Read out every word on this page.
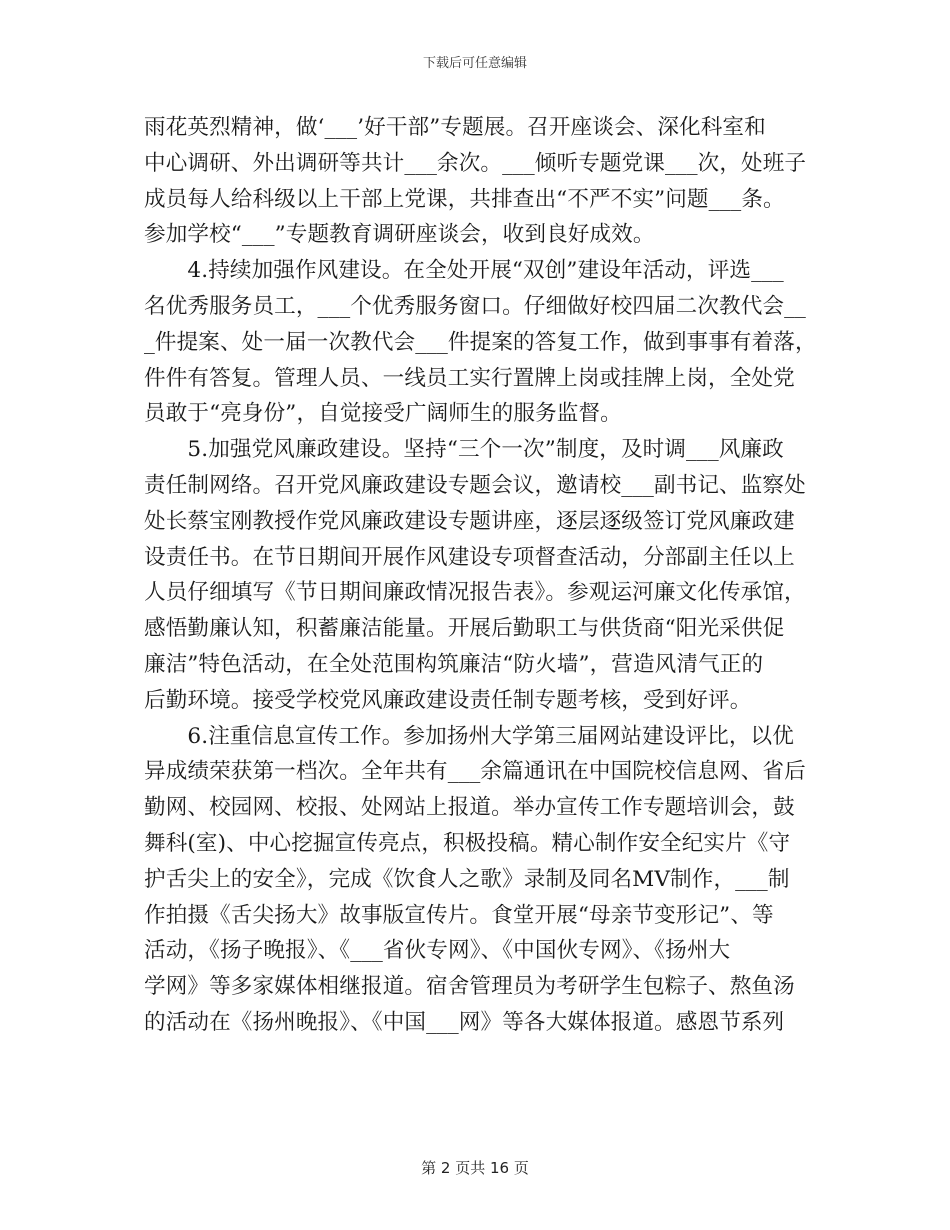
下载后可任意编辑
雨花英烈精神，做‘___’好干部”专题展。召开座谈会、深化科室和
中心调研、外出调研等共计___余次。___倾听专题党课___次，处班子
成员每人给科级以上干部上党课，共排查出“不严不实”问题___条。
参加学校“___”专题教育调研座谈会，收到良好成效。
　　4.持续加强作风建设。在全处开展“双创”建设年活动，评选___
名优秀服务员工，___个优秀服务窗口。仔细做好校四届二次教代会__
_件提案、处一届一次教代会___件提案的答复工作，做到事事有着落，
件件有答复。管理人员、一线员工实行置牌上岗或挂牌上岗，全处党
员敢于“亮身份”，自觉接受广阔师生的服务监督。
　　5.加强党风廉政建设。坚持“三个一次”制度，及时调___风廉政
责任制网络。召开党风廉政建设专题会议，邀请校___副书记、监察处
处长蔡宝刚教授作党风廉政建设专题讲座，逐层逐级签订党风廉政建
设责任书。在节日期间开展作风建设专项督查活动，分部副主任以上
人员仔细填写《节日期间廉政情况报告表》。参观运河廉文化传承馆，
感悟勤廉认知，积蓄廉洁能量。开展后勤职工与供货商“阳光采供促
廉洁”特色活动，在全处范围构筑廉洁“防火墙”，营造风清气正的
后勤环境。接受学校党风廉政建设责任制专题考核，受到好评。
　　6.注重信息宣传工作。参加扬州大学第三届网站建设评比，以优
异成绩荣获第一档次。全年共有___余篇通讯在中国院校信息网、省后
勤网、校园网、校报、处网站上报道。举办宣传工作专题培训会，鼓
舞科(室)、中心挖掘宣传亮点，积极投稿。精心制作安全纪实片《守
护舌尖上的安全》，完成《饮食人之歌》录制及同名MV制作，___制
作拍摄《舌尖扬大》故事版宣传片。食堂开展“母亲节变形记”、等
活动，《扬子晚报》、《___省伙专网》、《中国伙专网》、《扬州大
学网》等多家媒体相继报道。宿舍管理员为考研学生包粽子、熬鱼汤
的活动在《扬州晚报》、《中国___网》等各大媒体报道。感恩节系列
第 2 页共 16 页
